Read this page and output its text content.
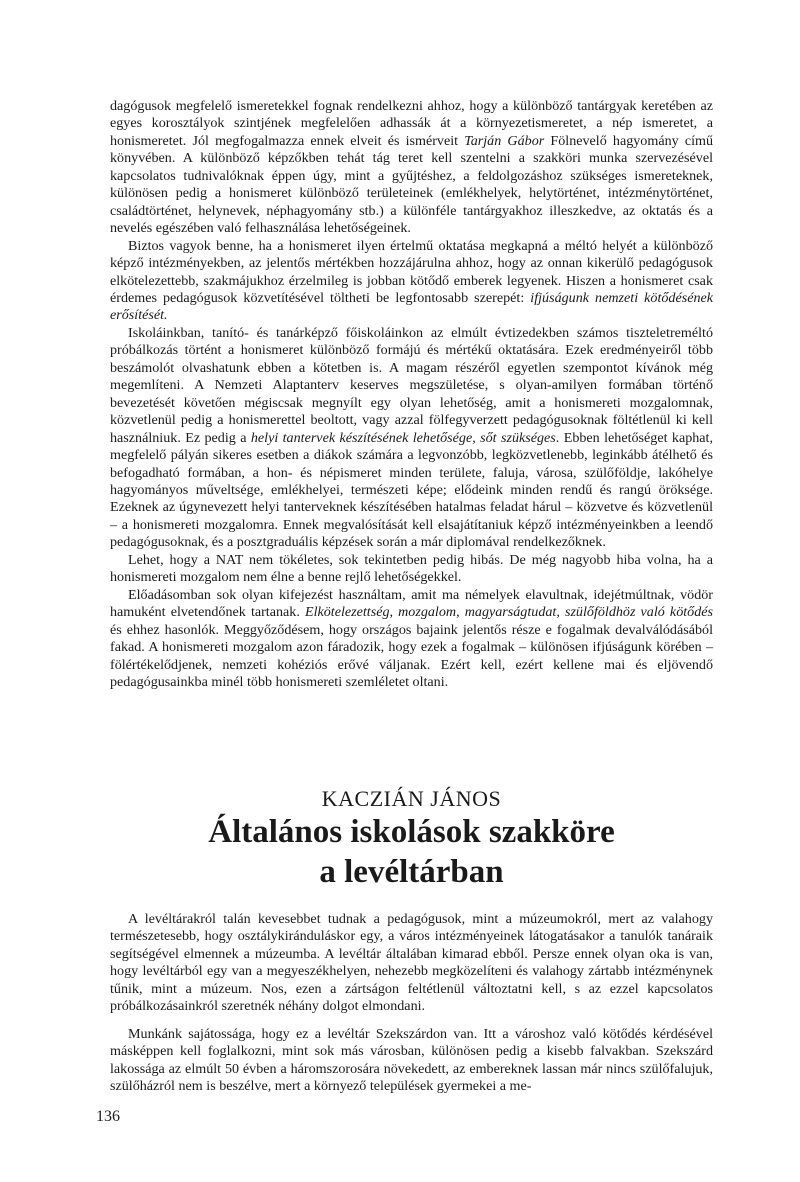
dagógusok megfelelő ismeretekkel fognak rendelkezni ahhoz, hogy a különböző tantárgyak keretében az egyes korosztályok szintjének megfelelően adhassák át a környezetismeretet, a nép ismeretet, a honismeretet. Jól megfogalmazza ennek elveit és ismérveit Tarján Gábor Fölnevelő hagyomány című könyvében. A különböző képzőkben tehát tág teret kell szentelni a szakköri munka szervezésével kapcsolatos tudnivalóknak éppen úgy, mint a gyűjtéshez, a feldolgozáshoz szükséges ismereteknek, különösen pedig a honismeret különböző területeinek (emlékhelyek, helytörténet, intézménytörténet, családtörténet, helynevek, néphagyomány stb.) a különféle tantárgyakhoz illeszkedve, az oktatás és a nevelés egészében való felhasználása lehetőségeinek.

Biztos vagyok benne, ha a honismeret ilyen értelmű oktatása megkapná a méltó helyét a különböző képző intézményekben, az jelentős mértékben hozzájárulna ahhoz, hogy az onnan kikerülő pedagógusok elkötelezettebb, szakmájukhoz érzelmileg is jobban kötődő emberek legyenek. Hiszen a honismeret csak érdemes pedagógusok közvetítésével töltheti be legfontosabb szerepét: ifjúságunk nemzeti kötődésének erősítését.

Iskoláinkban, tanító- és tanárképző főiskoláinkon az elmúlt évtizedekben számos tiszteletreméltó próbálkozás történt a honismeret különböző formájú és mértékű oktatására. Ezek eredményeiről több beszámolót olvashatunk ebben a kötetben is. A magam részéről egyetlen szempontot kívánok még megemlíteni. A Nemzeti Alaptanterv keserves megszületése, s olyan-amilyen formában történő bevezetését követően mégiscsak megnyílt egy olyan lehetőség, amit a honismereti mozgalomnak, közvetlenül pedig a honismerettel beoltott, vagy azzal fölfegyverzett pedagógusoknak föltétlenül ki kell használniuk. Ez pedig a helyi tantervek készítésének lehetősége, sőt szükséges. Ebben lehetőséget kaphat, megfelelő pályán sikeres esetben a diákok számára a legvonzóbb, legközvetlenebb, leginkább átélhető és befogadható formában, a hon- és népismeret minden területe, faluja, városa, szülőföldje, lakóhelye hagyományos műveltsége, emlékhelyei, természeti képe; elődeink minden rendű és rangú öröksége. Ezeknek az úgynevezett helyi tanterveknek készítésében hatalmas feladat hárul – közvetve és közvetlenül – a honismereti mozgalomra. Ennek megvalósítását kell elsajátítaniuk képző intézményeinkben a leendő pedagógusoknak, és a posztgraduális képzések során a már diplomával rendelkezőknek.

Lehet, hogy a NAT nem tökéletes, sok tekintetben pedig hibás. De még nagyobb hiba volna, ha a honismereti mozgalom nem élne a benne rejlő lehetőségekkel.

Előadásomban sok olyan kifejezést használtam, amit ma némelyek elavultnak, idejétmúltnak, vödör hamuként elvetendőnek tartanak. Elkötelezettség, mozgalom, magyarságtudat, szülőföldhöz való kötődés és ehhez hasonlók. Meggyőződésem, hogy országos bajaink jelentős része e fogalmak devalválódásából fakad. A honismereti mozgalom azon fáradozik, hogy ezek a fogalmak – különösen ifjúságunk körében – fölértékelődjenek, nemzeti kohéziós erővé váljanak. Ezért kell, ezért kellene mai és eljövendő pedagógusainkba minél több honismereti szemléletet oltani.

KACZIÁN JÁNOS
Általános iskolások szakköre
a levéltárban

A levéltárakról talán kevesebbet tudnak a pedagógusok, mint a múzeumokról, mert az valahogy természetesebb, hogy osztálykiránduláskor egy, a város intézményeinek látogatásakor a tanulók tanáraik segítségével elmennek a múzeumba. A levéltár általában kimarad ebből. Persze ennek olyan oka is van, hogy levéltárból egy van a megyeszékhelyen, nehezebb megközelíteni és valahogy zártabb intézménynek tűnik, mint a múzeum. Nos, ezen a zártságon feltétlenül változtatni kell, s az ezzel kapcsolatos próbálkozásainkról szeretnék néhány dolgot elmondani.

Munkánk sajátossága, hogy ez a levéltár Szekszárdon van. Itt a városhoz való kötődés kérdésével másképpen kell foglalkozni, mint sok más városban, különösen pedig a kisebb falvakban. Szekszárd lakossága az elmúlt 50 évben a háromszorosára növekedett, az embereknek lassan már nincs szülőfalujuk, szülőházról nem is beszélve, mert a környező települések gyermekei a me-

136
